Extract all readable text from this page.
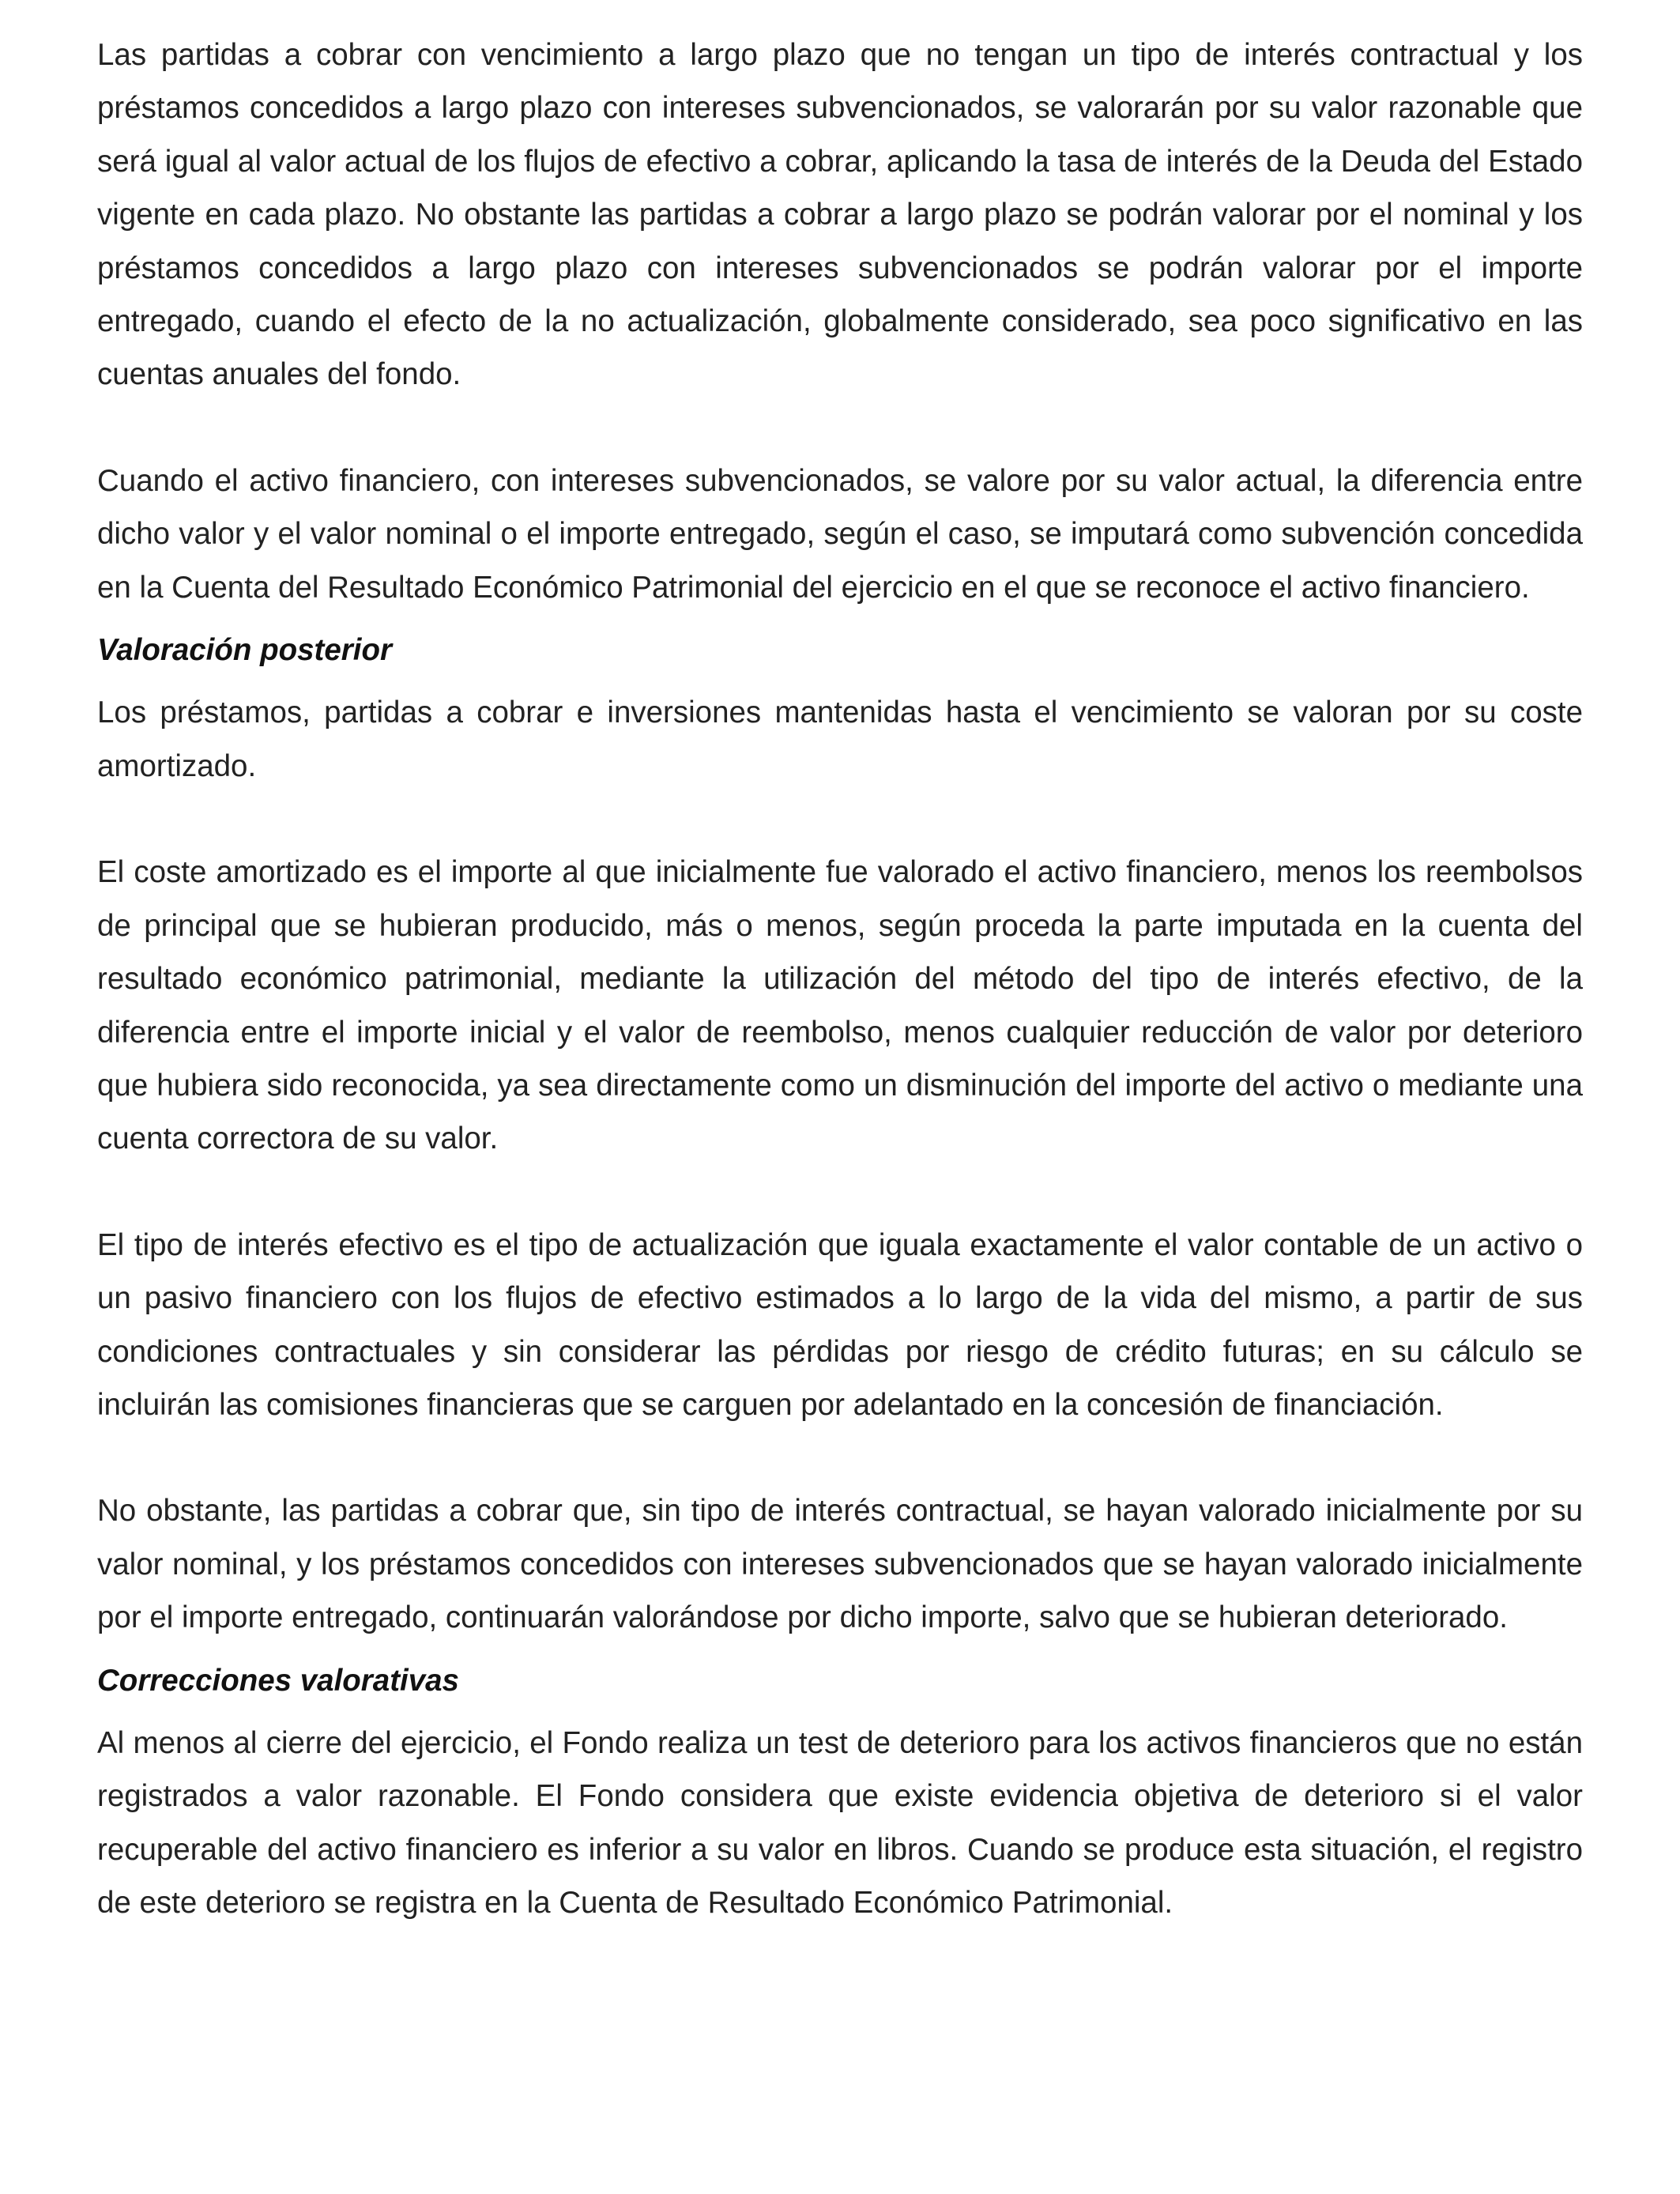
Las partidas a cobrar con vencimiento a largo plazo que no tengan un tipo de interés contractual y los préstamos concedidos a largo plazo con intereses subvencionados, se valorarán por su valor razonable que será igual al valor actual de los flujos de efectivo a cobrar, aplicando la tasa de interés de la Deuda del Estado vigente en cada plazo. No obstante las partidas a cobrar a largo plazo se podrán valorar por el nominal y los préstamos concedidos a largo plazo con intereses subvencionados se podrán valorar por el importe entregado, cuando el efecto de la no actualización, globalmente considerado, sea poco significativo en las cuentas anuales del fondo.

Cuando el activo financiero, con intereses subvencionados, se valore por su valor actual, la diferencia entre dicho valor y el valor nominal o el importe entregado, según el caso, se imputará como subvención concedida en la Cuenta del Resultado Económico Patrimonial del ejercicio en el que se reconoce el activo financiero.

Valoración posterior

Los préstamos, partidas a cobrar e inversiones mantenidas hasta el vencimiento se valoran por su coste amortizado.

El coste amortizado es el importe al que inicialmente fue valorado el activo financiero, menos los reembolsos de principal que se hubieran producido, más o menos, según proceda la parte imputada en la cuenta del resultado económico patrimonial, mediante la utilización del método del tipo de interés efectivo, de la diferencia entre el importe inicial y el valor de reembolso, menos cualquier reducción de valor por deterioro que hubiera sido reconocida, ya sea directamente como un disminución del importe del activo o mediante una cuenta correctora de su valor.

El tipo de interés efectivo es el tipo de actualización que iguala exactamente el valor contable de un activo o un pasivo financiero con los flujos de efectivo estimados a lo largo de la vida del mismo, a partir de sus condiciones contractuales y sin considerar las pérdidas por riesgo de crédito futuras; en su cálculo se incluirán las comisiones financieras que se carguen por adelantado en la concesión de financiación.

No obstante, las partidas a cobrar que, sin tipo de interés contractual, se hayan valorado inicialmente por su valor nominal, y los préstamos concedidos con intereses subvencionados que se hayan valorado inicialmente por el importe entregado, continuarán valorándose por dicho importe, salvo que se hubieran deteriorado.

Correcciones valorativas

Al menos al cierre del ejercicio, el Fondo realiza un test de deterioro para los activos financieros que no están registrados a valor razonable. El Fondo considera que existe evidencia objetiva de deterioro si el valor recuperable del activo financiero es inferior a su valor en libros. Cuando se produce esta situación, el registro de este deterioro se registra en la Cuenta de Resultado Económico Patrimonial.
